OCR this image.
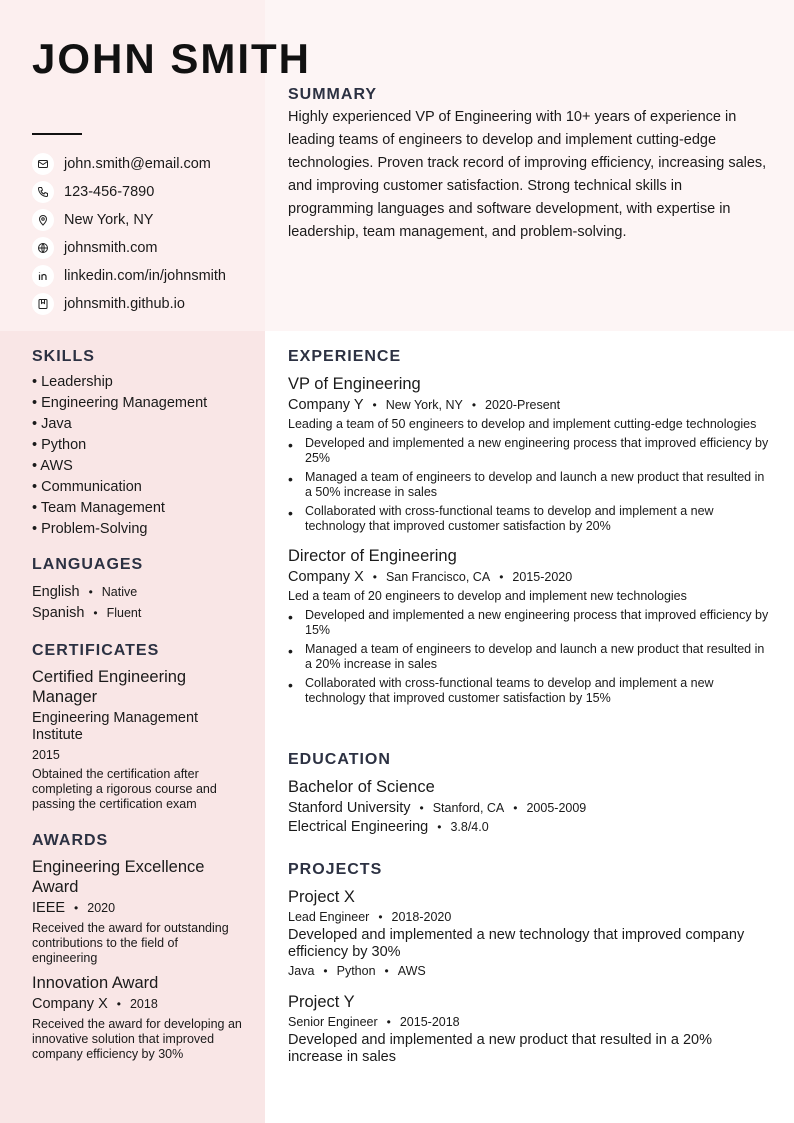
JOHN SMITH
john.smith@email.com
123-456-7890
New York, NY
johnsmith.com
linkedin.com/in/johnsmith
johnsmith.github.io
SUMMARY

Highly experienced VP of Engineering with 10+ years of experience in leading teams of engineers to develop and implement cutting-edge technologies. Proven track record of improving efficiency, increasing sales, and improving customer satisfaction. Strong technical skills in programming languages and software development, with expertise in leadership, team management, and problem-solving.

SKILLS
• Leadership
• Engineering Management
• Java
• Python
• AWS
• Communication
• Team Management
• Problem-Solving
LANGUAGES
English • Native
Spanish • Fluent
CERTIFICATES
Certified Engineering Manager
Engineering Management Institute
2015
Obtained the certification after completing a rigorous course and passing the certification exam
AWARDS
Engineering Excellence Award
IEEE • 2020
Received the award for outstanding contributions to the field of engineering
Innovation Award
Company X • 2018
Received the award for developing an innovative solution that improved company efficiency by 30%
EXPERIENCE
VP of Engineering
Company Y • New York, NY • 2020-Present
Leading a team of 50 engineers to develop and implement cutting-edge technologies
• Developed and implemented a new engineering process that improved efficiency by 25%
• Managed a team of engineers to develop and launch a new product that resulted in a 50% increase in sales
• Collaborated with cross-functional teams to develop and implement a new technology that improved customer satisfaction by 20%
Director of Engineering
Company X • San Francisco, CA • 2015-2020
Led a team of 20 engineers to develop and implement new technologies
• Developed and implemented a new engineering process that improved efficiency by 15%
• Managed a team of engineers to develop and launch a new product that resulted in a 20% increase in sales
• Collaborated with cross-functional teams to develop and implement a new technology that improved customer satisfaction by 15%
EDUCATION
Bachelor of Science
Stanford University • Stanford, CA • 2005-2009
Electrical Engineering • 3.8/4.0
PROJECTS
Project X
Lead Engineer • 2018-2020
Developed and implemented a new technology that improved company efficiency by 30%
Java • Python • AWS
Project Y
Senior Engineer • 2015-2018
Developed and implemented a new product that resulted in a 20% increase in sales
